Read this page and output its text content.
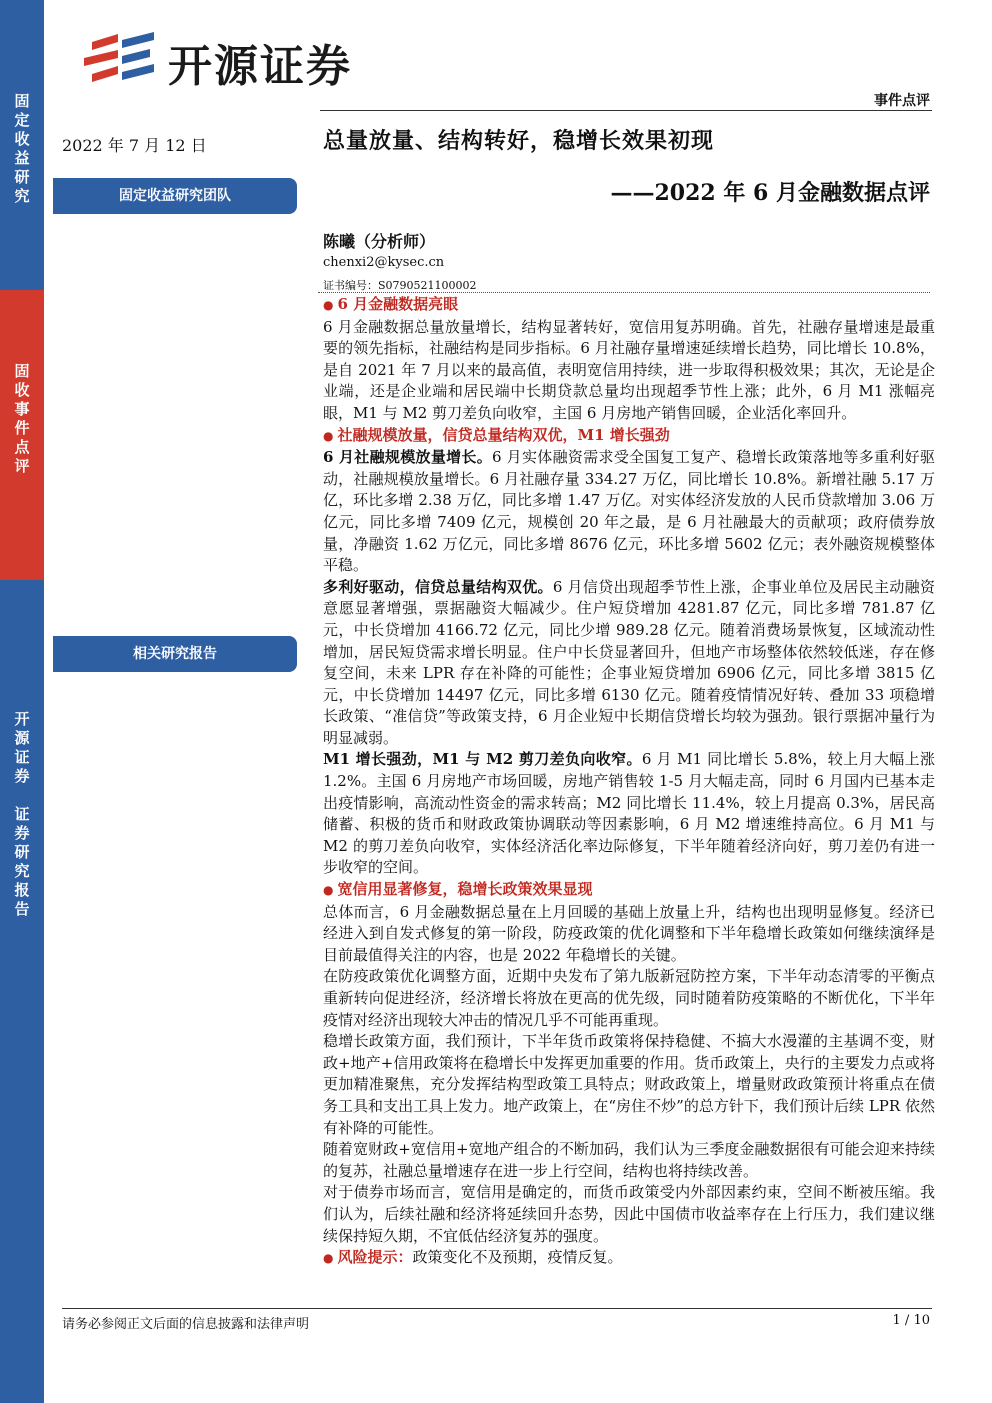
固
定
收
益
研
究
固
收
事
件
点
评
开
源
证
券

证
券
研
究
报
告
开源证券
事件点评
2022 年 7 月 12 日	总量放量、结构转好，稳增长效果初现
——2022 年 6 月金融数据点评
固定收益研究团队
相关研究报告
陈曦（分析师）
chenxi2@kysec.cn
证书编号：S0790521100002

● 6 月金融数据亮眼

6 月金融数据总量放量增长，结构显著转好，宽信用复苏明确。首先，社融存量增速是最重要的领先指标，社融结构是同步指标。6 月社融存量增速延续增长趋势，同比增长 10.8%，是自 2021 年 7 月以来的最高值，表明宽信用持续，进一步取得积极效果；其次，无论是企业端，还是企业端和居民端中长期贷款总量均出现超季节性上涨；此外，6 月 M1 涨幅亮眼，M1 与 M2 剪刀差负向收窄，主国 6 月房地产销售回暖，企业活化率回升。

● 社融规模放量，信贷总量结构双优，M1 增长强劲

6 月社融规模放量增长。6 月实体融资需求受全国复工复产、稳增长政策落地等多重利好驱动，社融规模放量增长。6 月社融存量 334.27 万亿，同比增长 10.8%。新增社融 5.17 万亿，环比多增 2.38 万亿，同比多增 1.47 万亿。对实体经济发放的人民币贷款增加 3.06 万亿元，同比多增 7409 亿元，规模创 20 年之最，是 6 月社融最大的贡献项；政府债券放量，净融资 1.62 万亿元，同比多增 8676 亿元，环比多增 5602 亿元；表外融资规模整体平稳。

多利好驱动，信贷总量结构双优。6 月信贷出现超季节性上涨，企事业单位及居民主动融资意愿显著增强，票据融资大幅减少。住户短贷增加 4281.87 亿元，同比多增 781.87 亿元，中长贷增加 4166.72 亿元，同比少增 989.28 亿元。随着消费场景恢复，区域流动性增加，居民短贷需求增长明显。住户中长贷显著回升，但地产市场整体依然较低迷，存在修复空间，未来 LPR 存在补降的可能性；企事业短贷增加 6906 亿元，同比多增 3815 亿元，中长贷增加 14497 亿元，同比多增 6130 亿元。随着疫情情况好转、叠加 33 项稳增长政策、“准信贷”等政策支持，6 月企业短中长期信贷增长均较为强劲。银行票据冲量行为明显减弱。

M1 增长强劲，M1 与 M2 剪刀差负向收窄。6 月 M1 同比增长 5.8%，较上月大幅上涨 1.2%。主国 6 月房地产市场回暖，房地产销售较 1-5 月大幅走高，同时 6 月国内已基本走出疫情影响，高流动性资金的需求转高；M2 同比增长 11.4%，较上月提高 0.3%，居民高储蓄、积极的货币和财政政策协调联动等因素影响，6 月 M2 增速维持高位。6 月 M1 与 M2 的剪刀差负向收窄，实体经济活化率边际修复，下半年随着经济向好，剪刀差仍有进一步收窄的空间。

● 宽信用显著修复，稳增长政策效果显现

总体而言，6 月金融数据总量在上月回暖的基础上放量上升，结构也出现明显修复。经济已经进入到自发式修复的第一阶段，防疫政策的优化调整和下半年稳增长政策如何继续演绎是目前最值得关注的内容，也是 2022 年稳增长的关键。

在防疫政策优化调整方面，近期中央发布了第九版新冠防控方案，下半年动态清零的平衡点重新转向促进经济，经济增长将放在更高的优先级，同时随着防疫策略的不断优化，下半年疫情对经济出现较大冲击的情况几乎不可能再重现。

稳增长政策方面，我们预计，下半年货币政策将保持稳健、不搞大水漫灌的主基调不变，财政+地产+信用政策将在稳增长中发挥更加重要的作用。货币政策上，央行的主要发力点或将更加精准聚焦，充分发挥结构型政策工具特点；财政政策上，增量财政政策预计将重点在债务工具和支出工具上发力。地产政策上，在“房住不炒”的总方针下，我们预计后续 LPR 依然有补降的可能性。

随着宽财政+宽信用+宽地产组合的不断加码，我们认为三季度金融数据很有可能会迎来持续的复苏，社融总量增速存在进一步上行空间，结构也将持续改善。

对于债券市场而言，宽信用是确定的，而货币政策受内外部因素约束，空间不断被压缩。我们认为，后续社融和经济将延续回升态势，因此中国债市收益率存在上行压力，我们建议继续保持短久期，不宜低估经济复苏的强度。

● 风险提示：政策变化不及预期，疫情反复。

请务必参阅正文后面的信息披露和法律声明	1 / 10
